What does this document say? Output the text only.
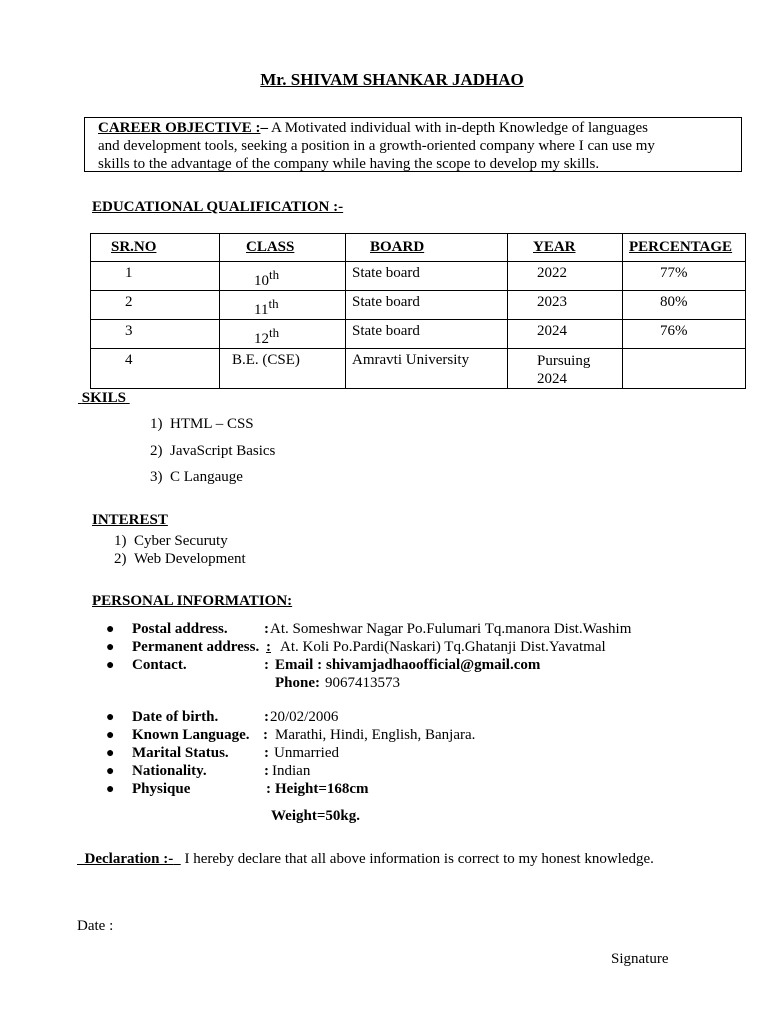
Mr. SHIVAM SHANKAR JADHAO
CAREER OBJECTIVE :– A Motivated individual with in-depth Knowledge of languages
and development tools, seeking a position in a growth-oriented company where I can use my
skills to the advantage of the company while having the scope to develop my skills.
EDUCATIONAL QUALIFICATION :-
SR.NO	CLASS	BOARD	YEAR	PERCENTAGE

1	10th	State board	2022	77%

2	11th	State board	2023	80%

3	12th	State board	2024	76%

4	B.E. (CSE)	Amravti University	Pursuing
2024	

SKILS
1) HTML – CSS
2) JavaScript Basics
3) C Langauge
INTEREST
1) Cyber Securuty
2) Web Development
PERSONAL INFORMATION:
● Postal address. : At. Someshwar Nagar Po.Fulumari Tq.manora Dist.Washim
● Permanent address. : At. Koli Po.Pardi(Naskari) Tq.Ghatanji Dist.Yavatmal
● Contact.	: Email : shivamjadhaoofficial@gmail.com
Phone: 9067413573
● Date of birth.	: 20/02/2006
● Known Language. : Marathi, Hindi, English, Banjara.
● Marital Status. : Unmarried
● Nationality.	: Indian
● Physique	: Height=168cm
Weight=50kg.
Declaration :- I hereby declare that all above information is correct to my honest knowledge.
Date :
Signature
